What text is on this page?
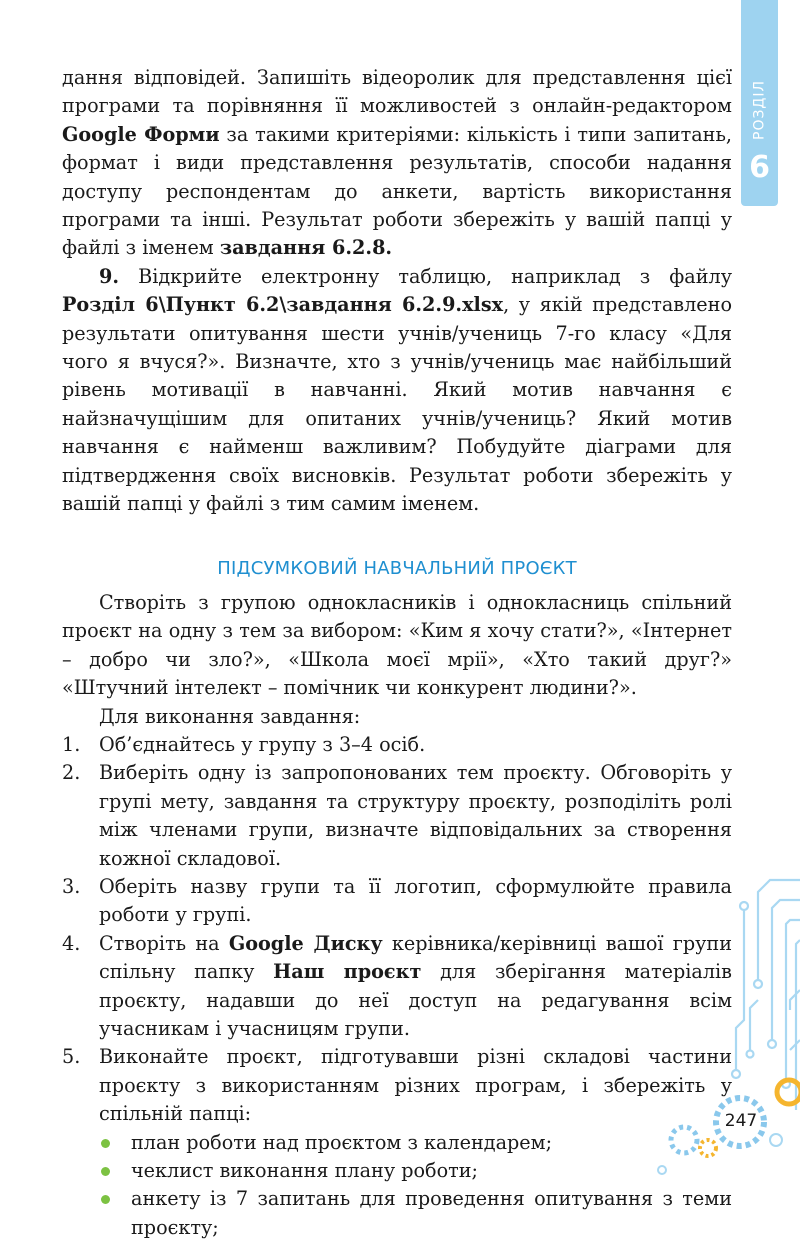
РОЗДІЛ
6

дання відповідей. Запишіть відеоролик для представлення цієї програми та порівняння її можливостей з онлайн-редактором Google Форми за такими критеріями: кількість і типи запитань, формат і види представлення результатів, способи надання доступу респондентам до анкети, вартість використання програми та інші. Результат роботи збережіть у вашій папці у файлі з іменем завдання 6.2.8.

9. Відкрийте електронну таблицю, наприклад з файлу Розділ 6\Пункт 6.2\завдання 6.2.9.xlsx, у якій представлено результати опитування шести учнів/учениць 7-го класу «Для чого я вчуся?». Визначте, хто з учнів/учениць має найбільший рівень мотивації в навчанні. Який мотив навчання є найзначущішим для опитаних учнів/учениць? Який мотив навчання є найменш важливим? Побудуйте діаграми для підтвердження своїх висновків. Результат роботи збережіть у вашій папці у файлі з тим самим іменем.

ПІДСУМКОВИЙ НАВЧАЛЬНИЙ ПРОЄКТ

Створіть з групою однокласників і однокласниць спільний проєкт на одну з тем за вибором: «Ким я хочу стати?», «Інтернет – добро чи зло?», «Школа моєї мрії», «Хто такий друг?» «Штучний інтелект – помічник чи конкурент людини?».

Для виконання завдання:

1. Об’єднайтесь у групу з 3–4 осіб.
2. Виберіть одну із запропонованих тем проєкту. Обговоріть у групі мету, завдання та структуру проєкту, розподіліть ролі між членами групи, визначте відповідальних за створення кожної складової.
3. Оберіть назву групи та її логотип, сформулюйте правила роботи у групі.
4. Створіть на Google Диску керівника/керівниці вашої групи спільну папку Наш проєкт для зберігання матеріалів проєкту, надавши до неї доступ на редагування всім учасникам і учасницям групи.
5. Виконайте проєкт, підготувавши різні складові частини проєкту з використанням різних програм, і збережіть у спільній папці:
план роботи над проєктом з календарем;
чеклист виконання плану роботи;
анкету із 7 запитань для проведення опитування з теми проєкту;
247
